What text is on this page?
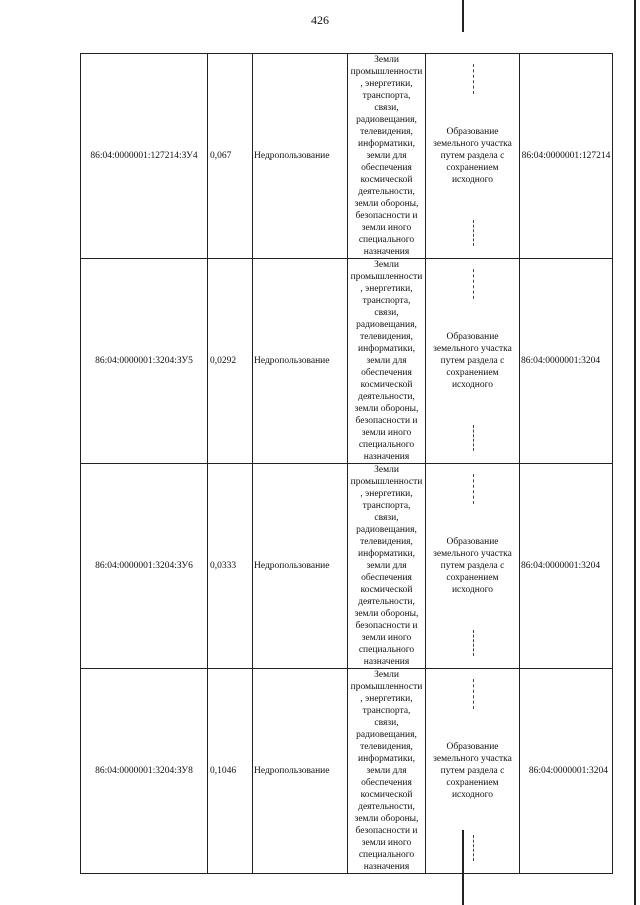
426
86:04:0000001:127214:ЗУ4	0,067	Недропользование	Земли промышленности, энергетики, транспорта, связи, радиовещания, телевидения, информатики, земли для обеспечения космической деятельности, земли обороны, безопасности и земли иного специального назначения	Образование земельного участка путем раздела с сохранением исходного	86:04:0000001:127214
86:04:0000001:3204:ЗУ5	0,0292	Недропользование	Земли промышленности, энергетики, транспорта, связи, радиовещания, телевидения, информатики, земли для обеспечения космической деятельности, земли обороны, безопасности и земли иного специального назначения	Образование земельного участка путем раздела с сохранением исходного	86:04:0000001:3204
86:04:0000001:3204:ЗУ6	0,0333	Недропользование	Земли промышленности, энергетики, транспорта, связи, радиовещания, телевидения, информатики, земли для обеспечения космической деятельности, земли обороны, безопасности и земли иного специального назначения	Образование земельного участка путем раздела с сохранением исходного	86:04:0000001:3204
86:04:0000001:3204:ЗУ8	0,1046	Недропользование	Земли промышленности, энергетики, транспорта, связи, радиовещания, телевидения, информатики, земли для обеспечения космической деятельности, земли обороны, безопасности и земли иного специального назначения	Образование земельного участка путем раздела с сохранением исходного	86:04:0000001:3204
